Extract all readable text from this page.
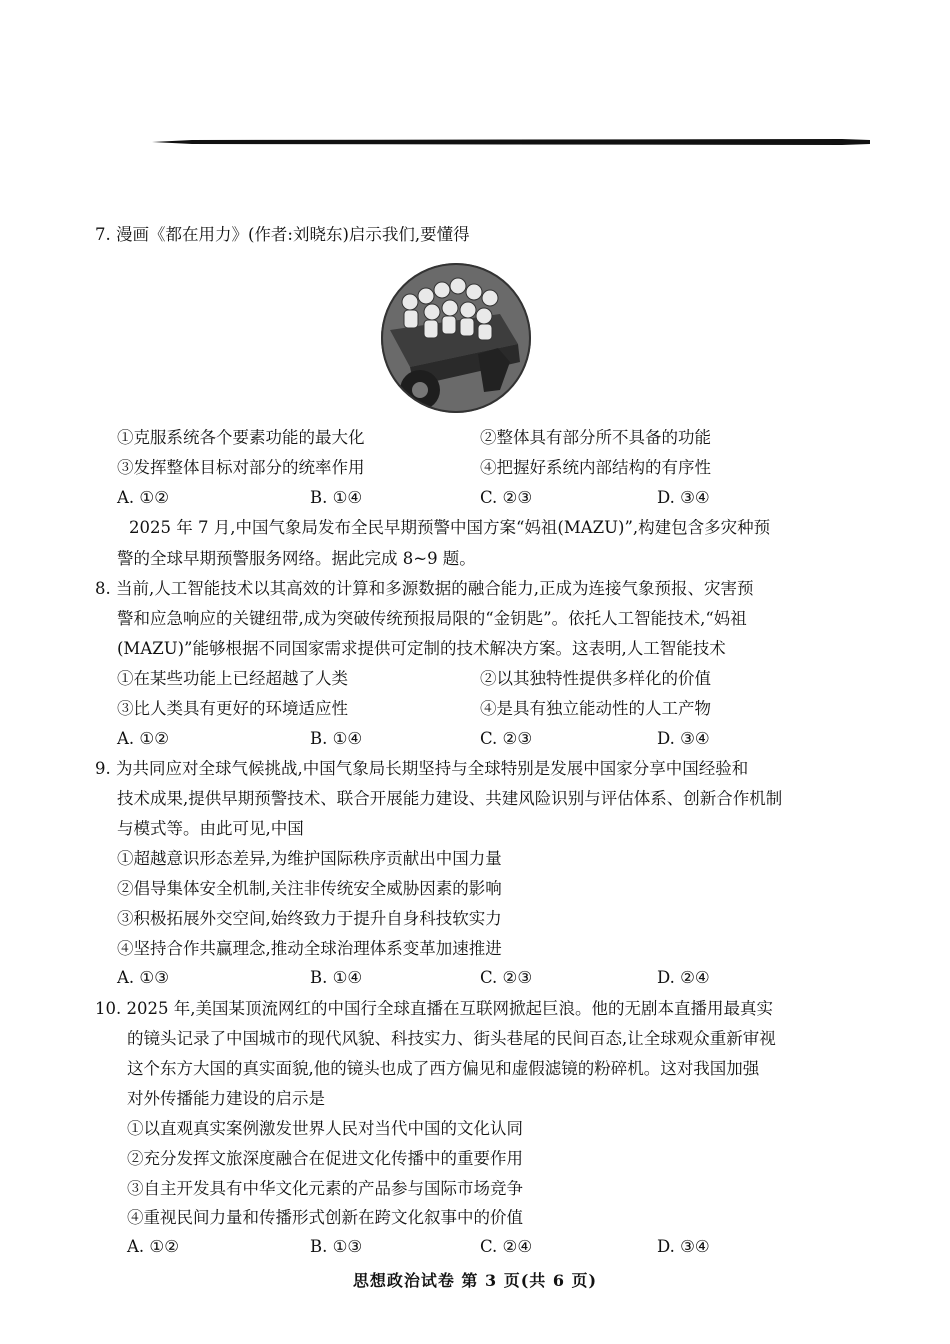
7. 漫画《都在用力》(作者:刘晓东)启示我们,要懂得
①克服系统各个要素功能的最大化	②整体具有部分所不具备的功能
③发挥整体目标对部分的统率作用	④把握好系统内部结构的有序性
A. ①②	B. ①④	C. ②③	D. ③④
2025 年 7 月,中国气象局发布全民早期预警中国方案“妈祖(MAZU)”,构建包含多灾种预
警的全球早期预警服务网络。据此完成 8~9 题。
8. 当前,人工智能技术以其高效的计算和多源数据的融合能力,正成为连接气象预报、灾害预
警和应急响应的关键纽带,成为突破传统预报局限的“金钥匙”。依托人工智能技术,“妈祖
(MAZU)”能够根据不同国家需求提供可定制的技术解决方案。这表明,人工智能技术
①在某些功能上已经超越了人类	②以其独特性提供多样化的价值
③比人类具有更好的环境适应性	④是具有独立能动性的人工产物
A. ①②	B. ①④	C. ②③	D. ③④
9. 为共同应对全球气候挑战,中国气象局长期坚持与全球特别是发展中国家分享中国经验和
技术成果,提供早期预警技术、联合开展能力建设、共建风险识别与评估体系、创新合作机制
与模式等。由此可见,中国
①超越意识形态差异,为维护国际秩序贡献出中国力量
②倡导集体安全机制,关注非传统安全威胁因素的影响
③积极拓展外交空间,始终致力于提升自身科技软实力
④坚持合作共赢理念,推动全球治理体系变革加速推进
A. ①③	B. ①④	C. ②③	D. ②④
10. 2025 年,美国某顶流网红的中国行全球直播在互联网掀起巨浪。他的无剧本直播用最真实
的镜头记录了中国城市的现代风貌、科技实力、街头巷尾的民间百态,让全球观众重新审视
这个东方大国的真实面貌,他的镜头也成了西方偏见和虚假滤镜的粉碎机。这对我国加强
对外传播能力建设的启示是
①以直观真实案例激发世界人民对当代中国的文化认同
②充分发挥文旅深度融合在促进文化传播中的重要作用
③自主开发具有中华文化元素的产品参与国际市场竞争
④重视民间力量和传播形式创新在跨文化叙事中的价值
A. ①②	B. ①③	C. ②④	D. ③④
思想政治试卷 第 3 页(共 6 页)
